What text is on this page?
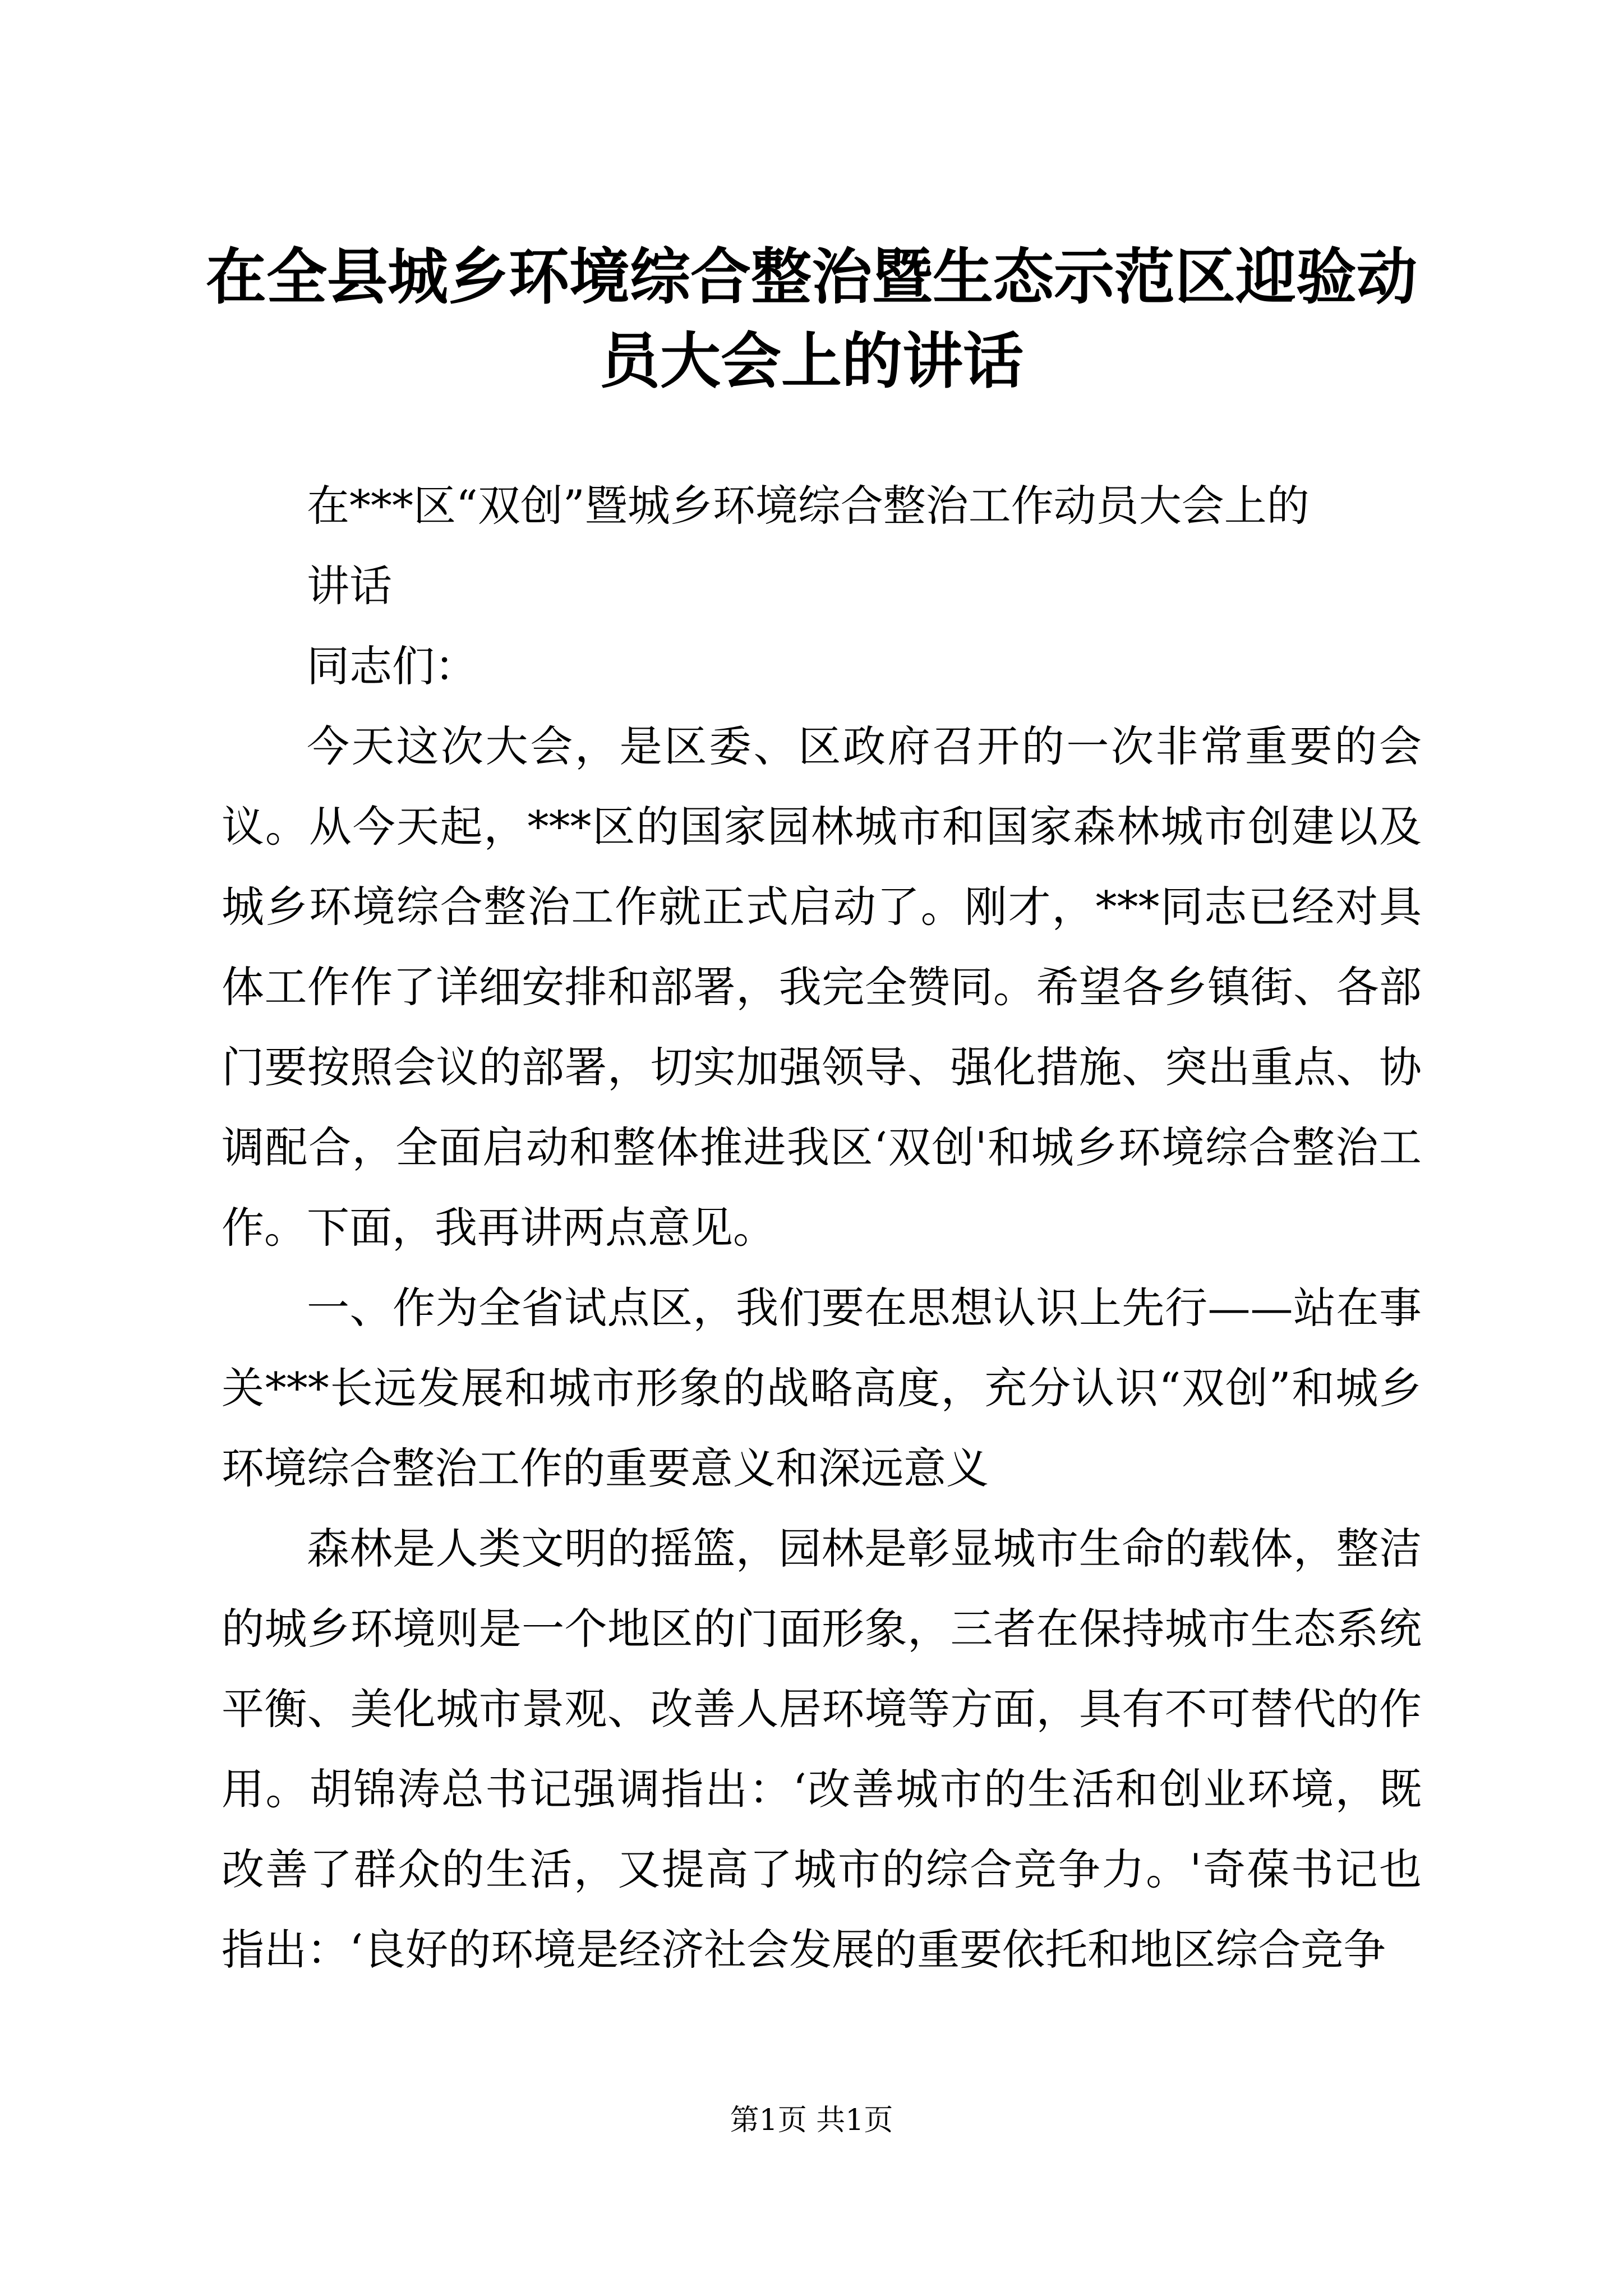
在全县城乡环境综合整治暨生态示范区迎验动
员大会上的讲话

在***区“双创”暨城乡环境综合整治工作动员大会上的

讲话

同志们：

今天这次大会，是区委、区政府召开的一次非常重要的会议。从今天起，***区的国家园林城市和国家森林城市创建以及城乡环境综合整治工作就正式启动了。刚才，***同志已经对具体工作作了详细安排和部署，我完全赞同。希望各乡镇街、各部门要按照会议的部署，切实加强领导、强化措施、突出重点、协调配合，全面启动和整体推进我区‘双创'和城乡环境综合整治工作。下面，我再讲两点意见。

一、作为全省试点区，我们要在思想认识上先行——站在事关***长远发展和城市形象的战略高度，充分认识“双创”和城乡环境综合整治工作的重要意义和深远意义

森林是人类文明的摇篮，园林是彰显城市生命的载体，整洁的城乡环境则是一个地区的门面形象，三者在保持城市生态系统平衡、美化城市景观、改善人居环境等方面，具有不可替代的作用。胡锦涛总书记强调指出：‘改善城市的生活和创业环境，既改善了群众的生活，又提高了城市的综合竞争力。'奇葆书记也指出：‘良好的环境是经济社会发展的重要依托和地区综合竞争

第1页 共1页
